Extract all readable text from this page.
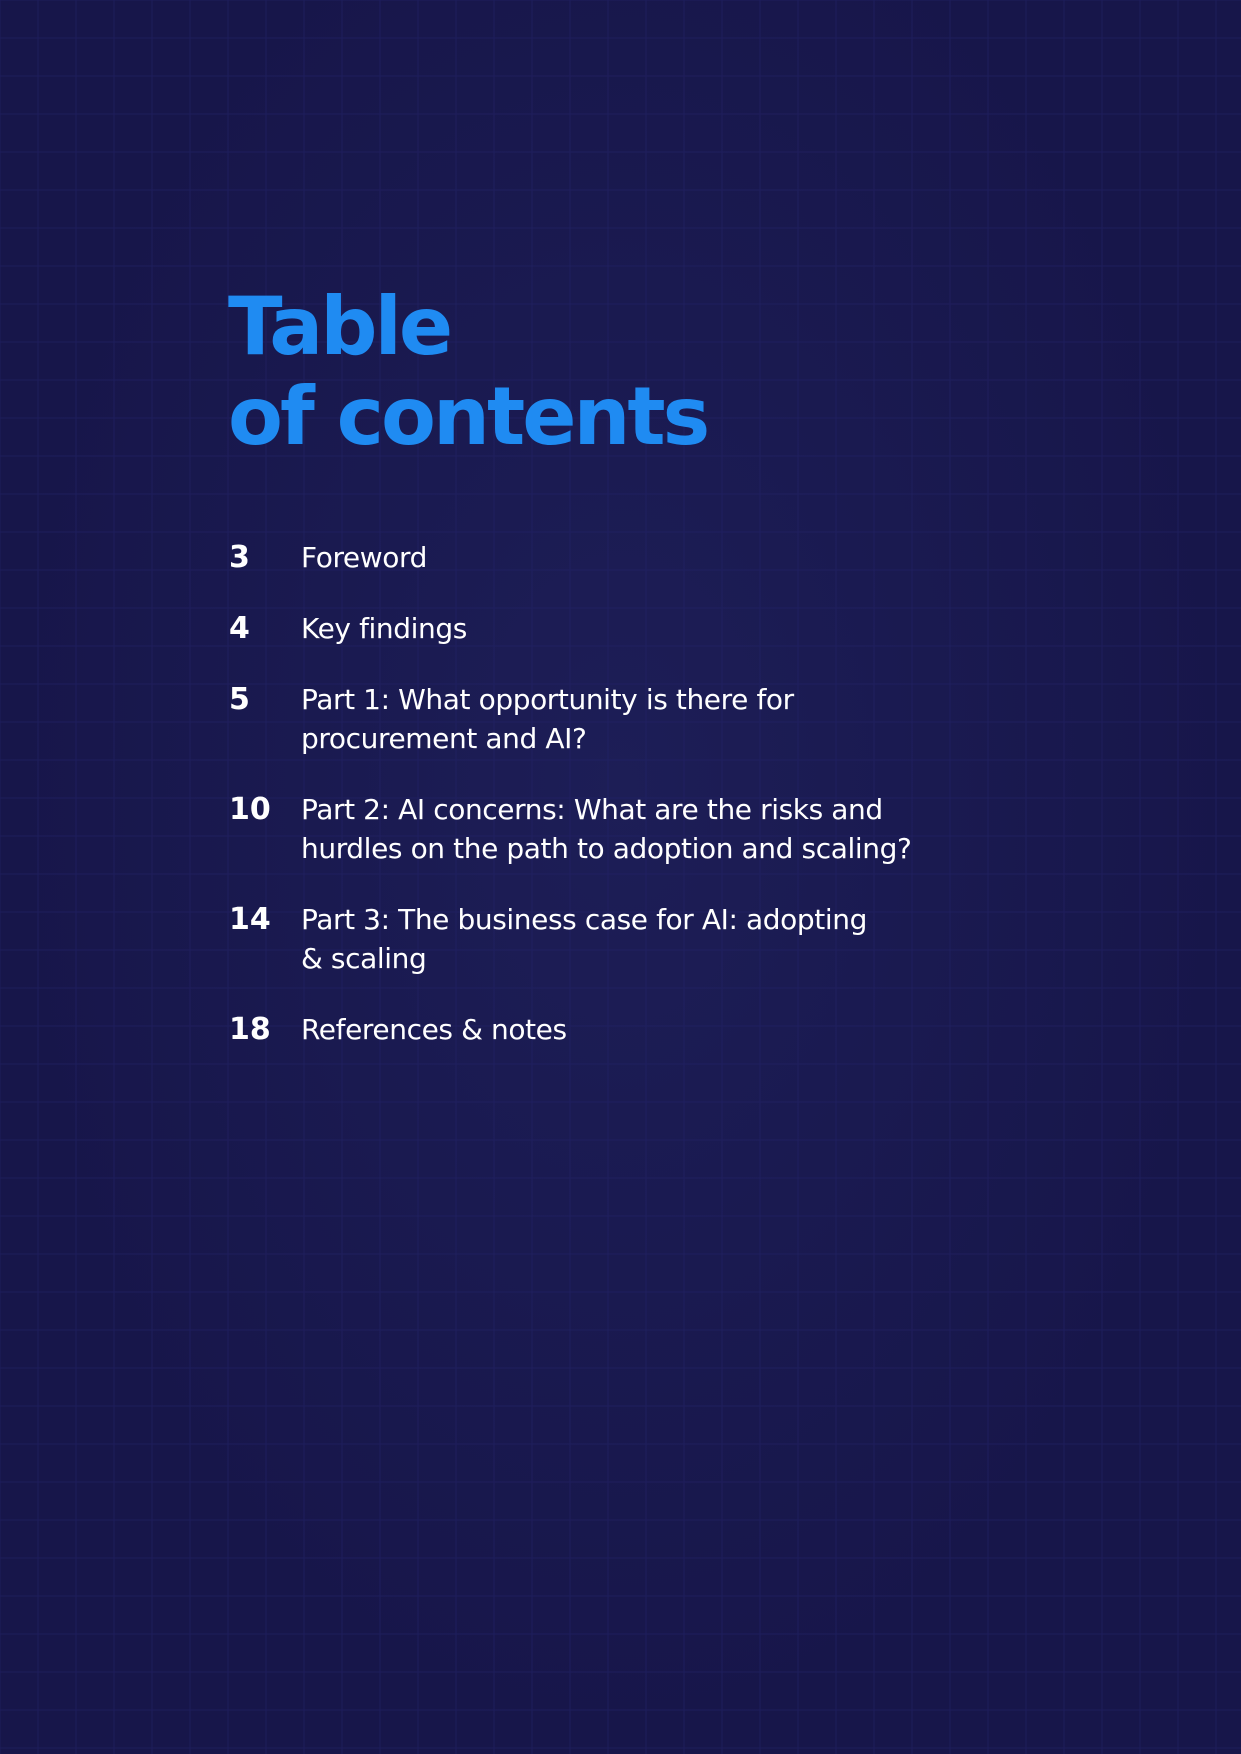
Table
of contents
3	Foreword
4	Key findings
5	Part 1: What opportunity is there for
procurement and AI?
10	Part 2: AI concerns: What are the risks and
hurdles on the path to adoption and scaling?
14	Part 3: The business case for AI: adopting
& scaling
18	References & notes
